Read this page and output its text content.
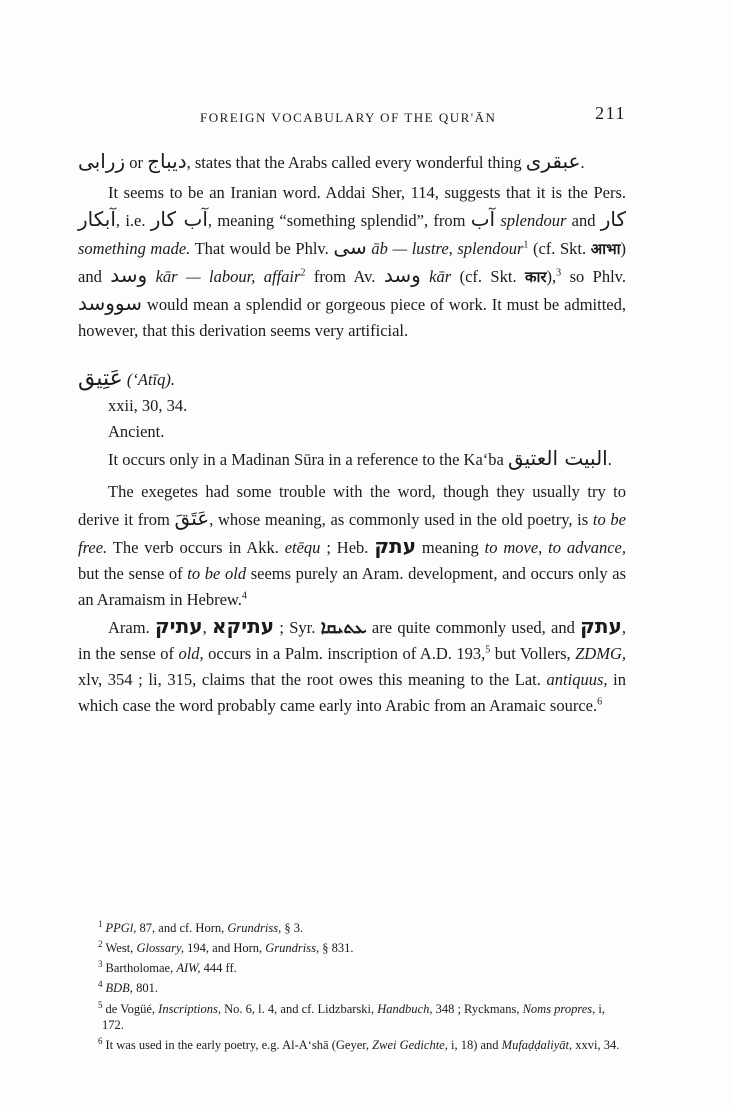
FOREIGN VOCABULARY OF THE QUR'ĀN	211

زرابى or ديباج, states that the Arabs called every wonderful thing عبقرى.

It seems to be an Iranian word. Addai Sher, 114, suggests that it is the Pers. آبكار, i.e. آب كار, meaning “something splendid”, from آب splendour and كار something made. That would be Phlv. سى āb — lustre, splendour$^1$ (cf. Skt. आभा) and وسد kār — labour, affair$^2$ from Av. وسد kār (cf. Skt. कार),$^3$ so Phlv. سووسد would mean a splendid or gorgeous piece of work. It must be admitted, however, that this derivation seems very artificial.

عَتِيق (‘Atīq).

xxii, 30, 34.

Ancient.

It occurs only in a Madinan Sūra in a reference to the Ka‘ba البيت العتيق.

The exegetes had some trouble with the word, though they usually try to derive it from عَتَقَ, whose meaning, as commonly used in the old poetry, is to be free. The verb occurs in Akk. etēqu ; Heb. עתק meaning to move, to advance, but the sense of to be old seems purely an Aram. development, and occurs only as an Aramaism in Hebrew.$^4$

Aram. עתיק, עתיקא ; Syr. ܥܬܝܩܐ are quite commonly used, and עתק, in the sense of old, occurs in a Palm. inscription of A.D. 193,$^5$ but Vollers, ZDMG, xlv, 354 ; li, 315, claims that the root owes this meaning to the Lat. antiquus, in which case the word probably came early into Arabic from an Aramaic source.$^6$

$^1$ PPGl, 87, and cf. Horn, Grundriss, § 3.

$^2$ West, Glossary, 194, and Horn, Grundriss, § 831.

$^3$ Bartholomae, AIW, 444 ff.

$^4$ BDB, 801.

$^5$ de Vogüé, Inscriptions, No. 6, l. 4, and cf. Lidzbarski, Handbuch, 348 ; Ryckmans, Noms propres, i, 172.

$^6$ It was used in the early poetry, e.g. Al-A‘shā (Geyer, Zwei Gedichte, i, 18) and Mufaḍḍaliyāt, xxvi, 34.
